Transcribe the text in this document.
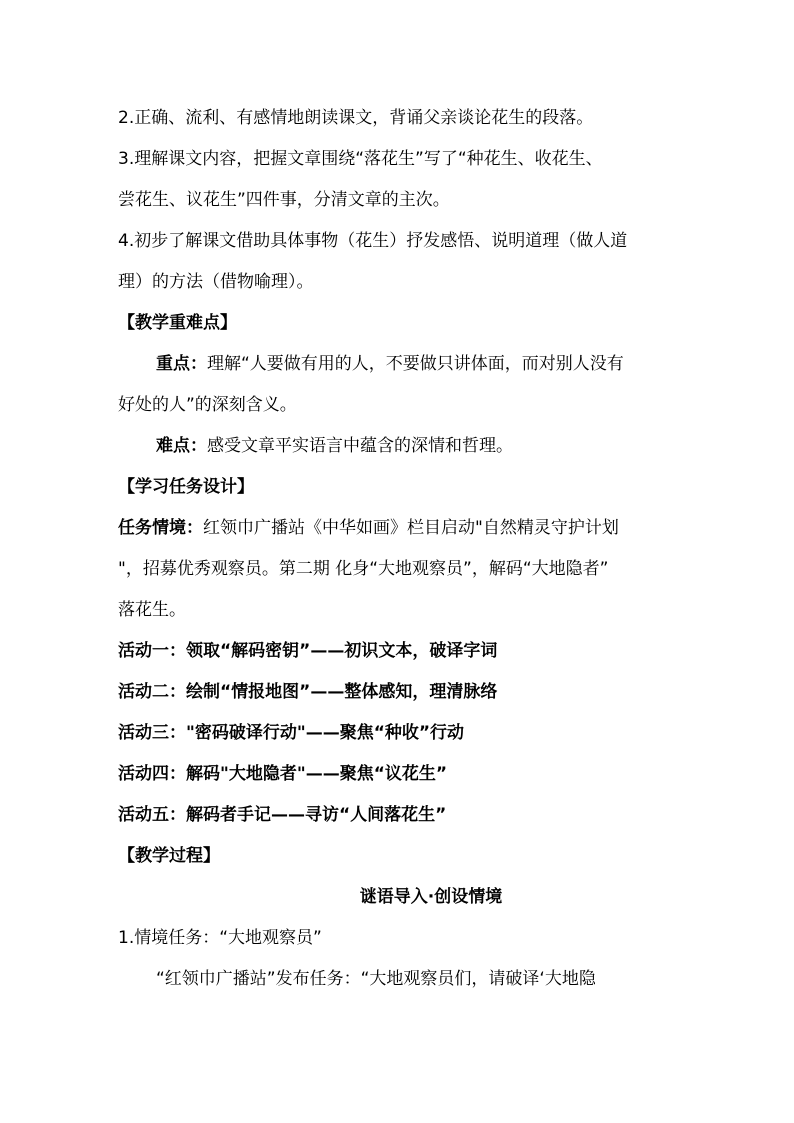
2.正确、流利、有感情地朗读课文，背诵父亲谈论花生的段落。
3.理解课文内容，把握文章围绕“落花生”写了“种花生、收花生、
尝花生、议花生”四件事，分清文章的主次。
4.初步了解课文借助具体事物（花生）抒发感悟、说明道理（做人道
理）的方法（借物喻理）。
【教学重难点】
重点：理解“人要做有用的人，不要做只讲体面，而对别人没有
好处的人”的深刻含义。
难点：感受文章平实语言中蕴含的深情和哲理。
【学习任务设计】
任务情境：红领巾广播站《中华如画》栏目启动"自然精灵守护计划
"，招募优秀观察员。第二期 化身“大地观察员”，解码“大地隐者”
落花生。
活动一：领取“解码密钥”——初识文本，破译字词
活动二：绘制“情报地图”——整体感知，理清脉络
活动三："密码破译行动"——聚焦“种收”行动
活动四：解码"大地隐者"——聚焦“议花生”
活动五：解码者手记——寻访“人间落花生”
【教学过程】
谜语导入·创设情境
1.情境任务：“大地观察员”
“红领巾广播站”发布任务：“大地观察员们，请破译‘大地隐
